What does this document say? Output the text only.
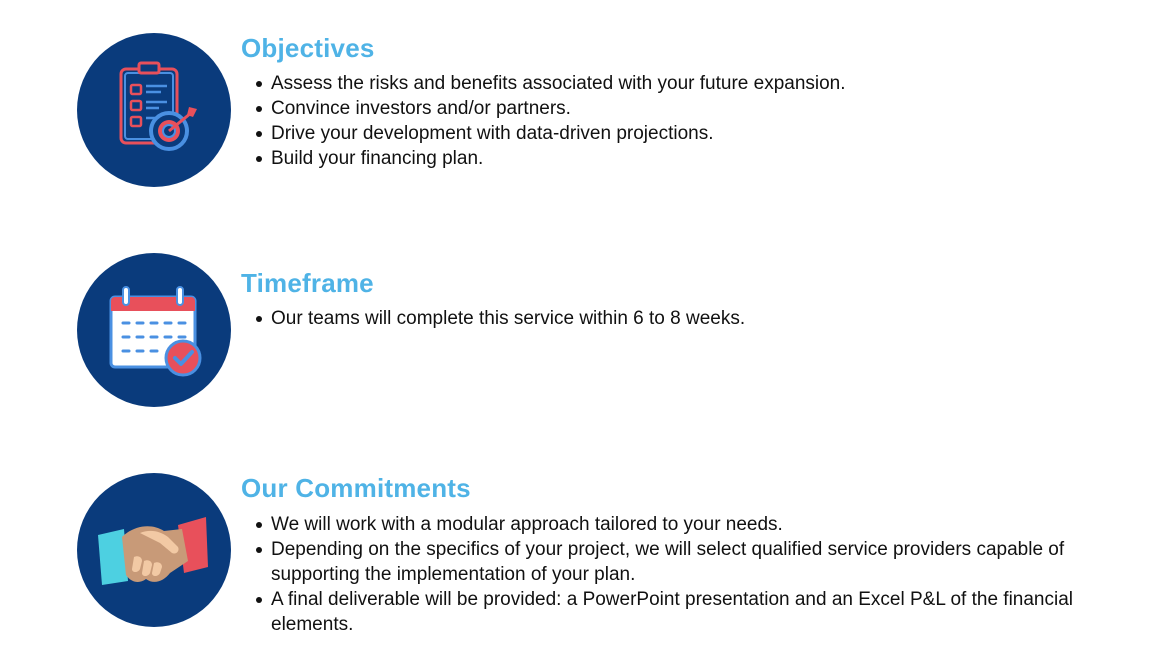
Objectives
Assess the risks and benefits associated with your future expansion.
Convince investors and/or partners.
Drive your development with data-driven projections.
Build your financing plan.
Timeframe
Our teams will complete this service within 6 to 8 weeks.
Our Commitments
We will work with a modular approach tailored to your needs.
Depending on the specifics of your project, we will select qualified service providers capable of supporting the implementation of your plan.
A final deliverable will be provided: a PowerPoint presentation and an Excel P&L of the financial elements.
